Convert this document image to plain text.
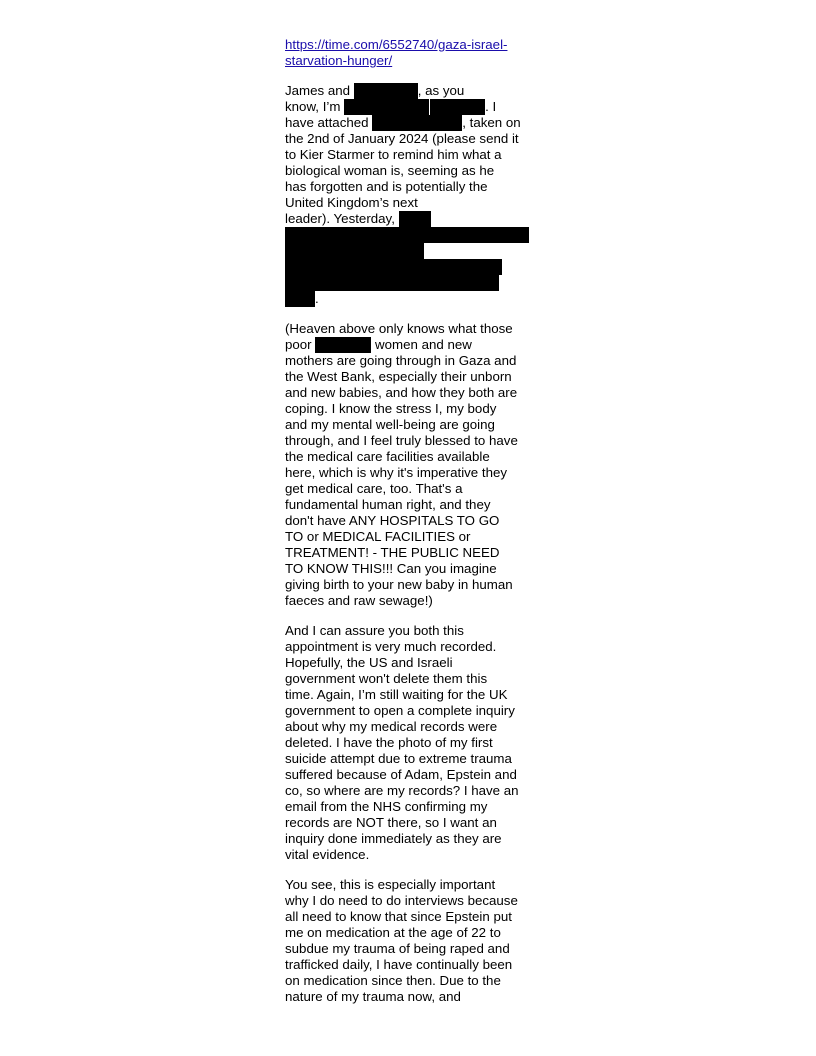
https://time.com/6552740/gaza-israel-
starvation-hunger/
James and	, as you
know, I’m	. I
have attached	, taken on
the 2nd of January 2024 (please send it
to Kier Starmer to remind him what a
biological woman is, seeming as he
has forgotten and is potentially the
United Kingdom’s next
leader). Yesterday,
.
(Heaven above only knows what those
poor	women and new
mothers are going through in Gaza and
the West Bank, especially their unborn
and new babies, and how they both are
coping. I know the stress I, my body
and my mental well-being are going
through, and I feel truly blessed to have
the medical care facilities available
here, which is why it's imperative they
get medical care, too. That's a
fundamental human right, and they
don't have ANY HOSPITALS TO GO
TO or MEDICAL FACILITIES or
TREATMENT! - THE PUBLIC NEED
TO KNOW THIS!!! Can you imagine
giving birth to your new baby in human
faeces and raw sewage!)
And I can assure you both this
appointment is very much recorded.
Hopefully, the US and Israeli
government won't delete them this
time. Again, I’m still waiting for the UK
government to open a complete inquiry
about why my medical records were
deleted. I have the photo of my first
suicide attempt due to extreme trauma
suffered because of Adam, Epstein and
co, so where are my records? I have an
email from the NHS confirming my
records are NOT there, so I want an
inquiry done immediately as they are
vital evidence.
You see, this is especially important
why I do need to do interviews because
all need to know that since Epstein put
me on medication at the age of 22 to
subdue my trauma of being raped and
trafficked daily, I have continually been
on medication since then. Due to the
nature of my trauma now, and
